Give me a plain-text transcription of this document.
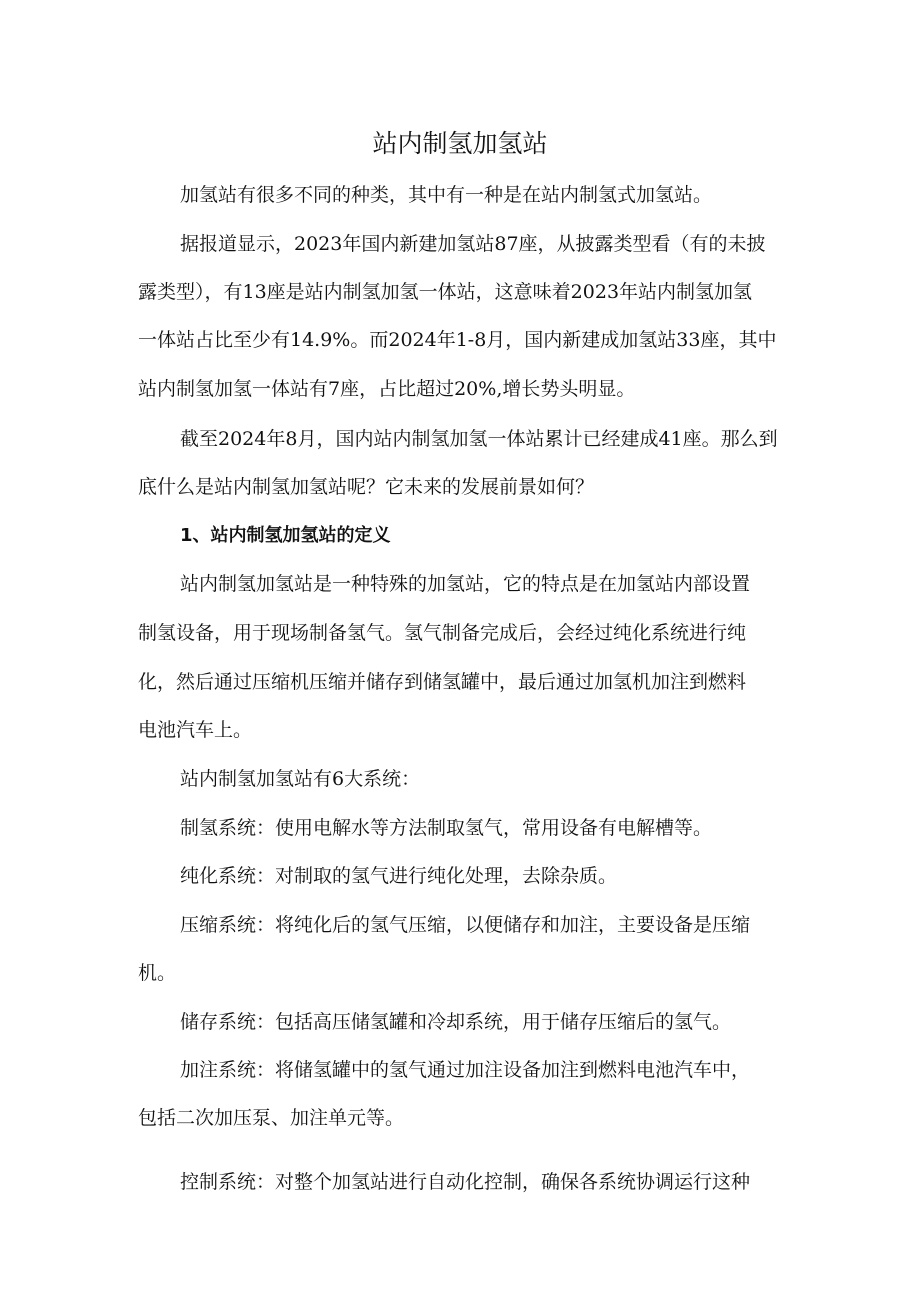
站内制氢加氢站

加氢站有很多不同的种类，其中有一种是在站内制氢式加氢站。

据报道显示，2023年国内新建加氢站87座，从披露类型看（有的未披

露类型），有13座是站内制氢加氢一体站，这意味着2023年站内制氢加氢

一体站占比至少有14.9%。而2024年1-8月，国内新建成加氢站33座，其中

站内制氢加氢一体站有7座，占比超过20%,增长势头明显。

截至2024年8月，国内站内制氢加氢一体站累计已经建成41座。那么到

底什么是站内制氢加氢站呢？它未来的发展前景如何？

1、站内制氢加氢站的定义

站内制氢加氢站是一种特殊的加氢站，它的特点是在加氢站内部设置

制氢设备，用于现场制备氢气。氢气制备完成后，会经过纯化系统进行纯

化，然后通过压缩机压缩并储存到储氢罐中，最后通过加氢机加注到燃料

电池汽车上。

站内制氢加氢站有6大系统：

制氢系统：使用电解水等方法制取氢气，常用设备有电解槽等。

纯化系统：对制取的氢气进行纯化处理，去除杂质。

压缩系统：将纯化后的氢气压缩，以便储存和加注，主要设备是压缩

机。

储存系统：包括高压储氢罐和冷却系统，用于储存压缩后的氢气。

加注系统：将储氢罐中的氢气通过加注设备加注到燃料电池汽车中，

包括二次加压泵、加注单元等。

控制系统：对整个加氢站进行自动化控制，确保各系统协调运行这种
